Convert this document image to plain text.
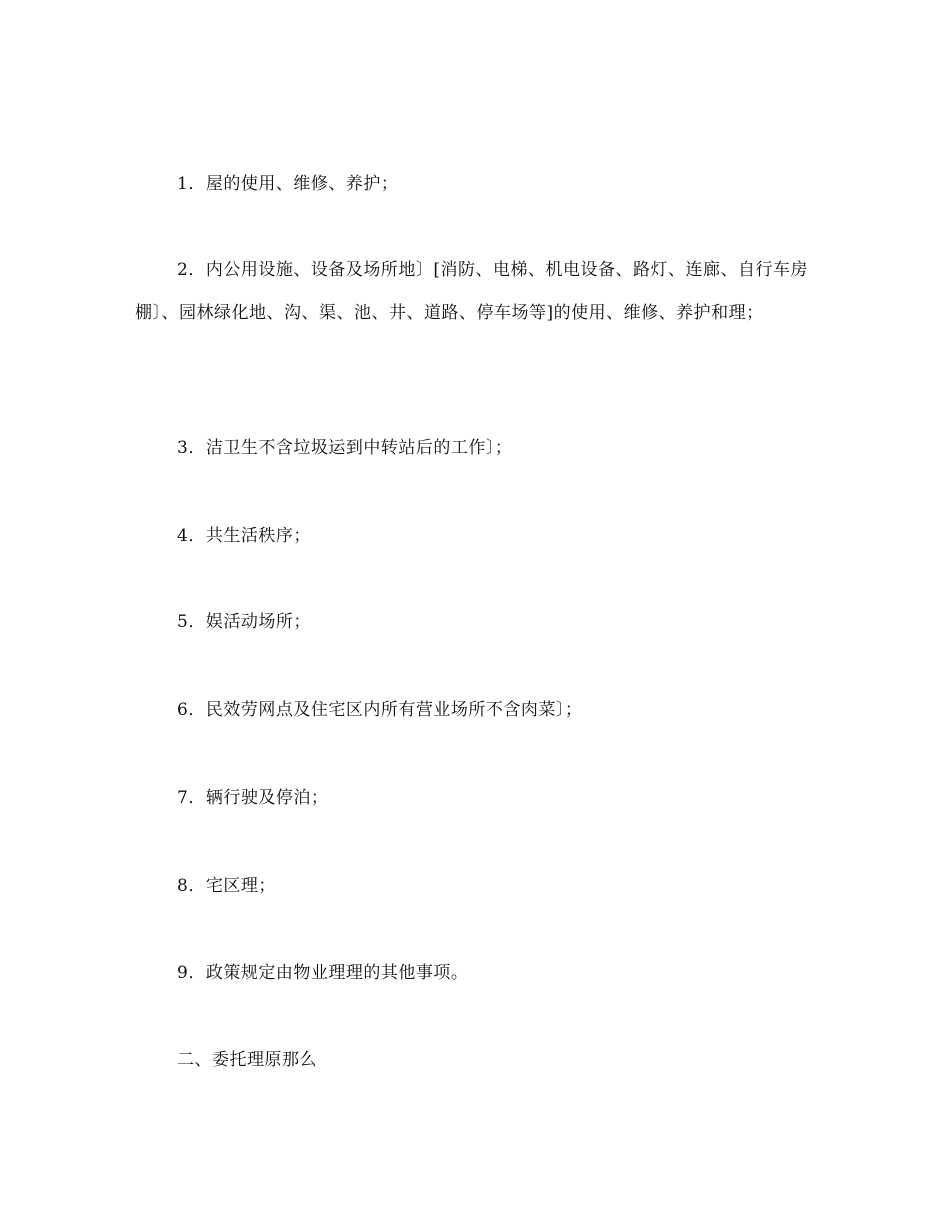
1．屋的使用、维修、养护；

2．内公用设施、设备及场所地〕[消防、电梯、机电设备、路灯、连廊、自行车房棚〕、园林绿化地、沟、渠、池、井、道路、停车场等]的使用、维修、养护和理；

3．洁卫生不含垃圾运到中转站后的工作〕；

4．共生活秩序；

5．娱活动场所；

6．民效劳网点及住宅区内所有营业场所不含肉菜〕；

7．辆行驶及停泊；

8．宅区理；

9．政策规定由物业理理的其他事项。

二、委托理原那么
